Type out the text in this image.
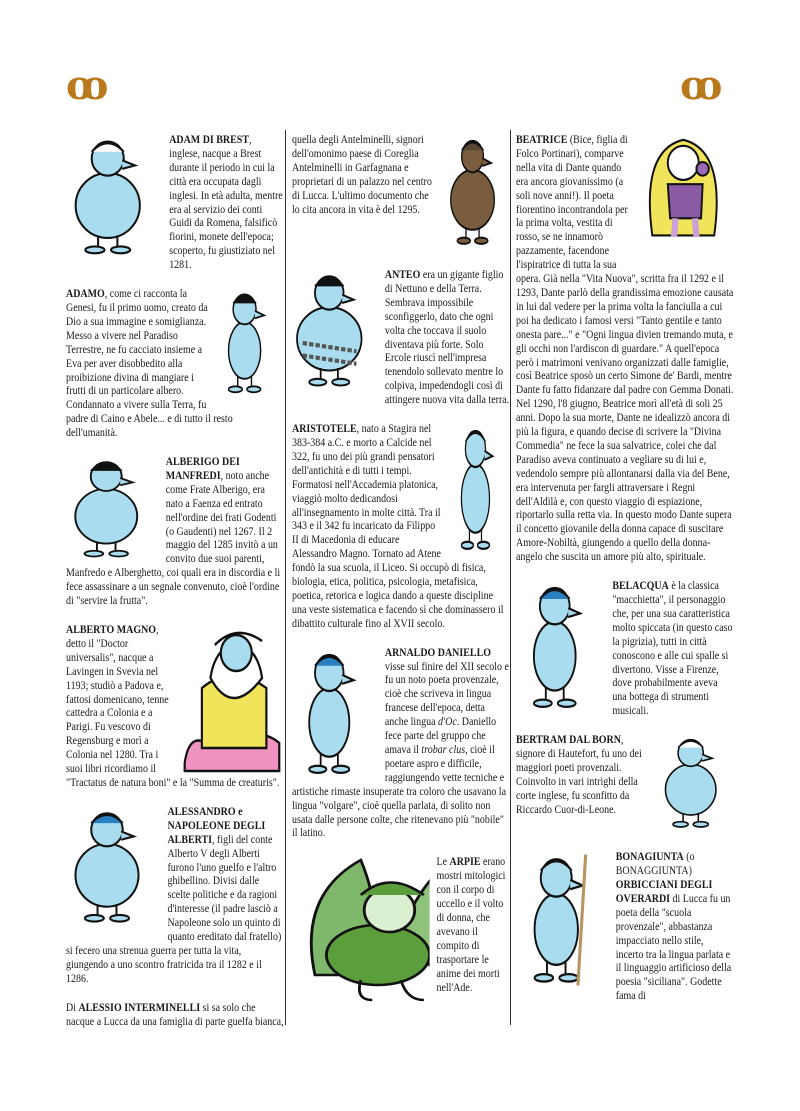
ꝏ	ꝏ
ADAM DI BREST, inglese, nacque a Brest durante il periodo in cui la città era occupata dagli inglesi. In età adulta, mentre era al servizio dei conti Guidi da Romena, falsificò fiorini, monete dell'epoca; scoperto, fu giustiziato nel 1281.
ADAMO, come ci racconta la Genesi, fu il primo uomo, creato da Dio a sua immagine e somiglianza. Messo a vivere nel Paradiso Terrestre, ne fu cacciato insieme a Eva per aver disobbedito alla proibizione divina di mangiare i frutti di un particolare albero. Condannato a vivere sulla Terra, fu padre di Caino e Abele... e di tutto il resto dell'umanità.
ALBERIGO DEI MANFREDI, noto anche come Frate Alberigo, era nato a Faenza ed entrato nell'ordine dei frati Godenti (o Gaudenti) nel 1267. Il 2 maggio del 1285 invitò a un convito due suoi parenti, Manfredo e Alberghetto, coi quali era in discordia e li fece assassinare a un segnale convenuto, cioè l'ordine di "servire la frutta".
ALBERTO MAGNO, detto il "Doctor universalis", nacque a Lavingen in Svevia nel 1193; studiò a Padova e, fattosi domenicano, tenne cattedra a Colonia e a Parigi. Fu vescovo di Regensburg e morì a Colonia nel 1280. Tra i suoi libri ricordiamo il "Tractatus de natura boni" e la "Summa de creaturis".
ALESSANDRO e NAPOLEONE DEGLI ALBERTI, figli del conte Alberto V degli Alberti furono l'uno guelfo e l'altro ghibellino. Divisi dalle scelte politiche e da ragioni d'interesse (il padre lasciò a Napoleone solo un quinto di quanto ereditato dal fratello) si fecero una strenua guerra per tutta la vita, giungendo a uno scontro fratricida tra il 1282 e il 1286.
Di ALESSIO INTERMINELLI si sa solo che nacque a Lucca da una famiglia di parte guelfa bianca,
quella degli Antelminelli, signori dell'omonimo paese di Coreglia Antelminelli in Garfagnana e proprietari di un palazzo nel centro di Lucca. L'ultimo documento che lo cita ancora in vita è del 1295.
ANTEO era un gigante figlio di Nettuno e della Terra. Sembrava impossibile sconfiggerlo, dato che ogni volta che toccava il suolo diventava più forte. Solo Ercole riuscì nell'impresa tenendolo sollevato mentre lo colpiva, impedendogli così di attingere nuova vita dalla terra.
ARISTOTELE, nato a Stagira nel 383-384 a.C. e morto a Calcide nel 322, fu uno dei più grandi pensatori dell'antichità e di tutti i tempi. Formatosi nell'Accademia platonica, viaggiò molto dedicandosi all'insegnamento in molte città. Tra il 343 e il 342 fu incaricato da Filippo II di Macedonia di educare Alessandro Magno. Tornato ad Atene fondò la sua scuola, il Liceo. Si occupò di fisica, biologia, etica, politica, psicologia, metafisica, poetica, retorica e logica dando a queste discipline una veste sistematica e facendo sì che dominassero il dibattito culturale fino al XVII secolo.
ARNALDO DANIELLO visse sul finire del XII secolo e fu un noto poeta provenzale, cioè che scriveva in lingua francese dell'epoca, detta anche lingua d'Oc. Daniello fece parte del gruppo che amava il trobar clus, cioè il poetare aspro e difficile, raggiungendo vette tecniche e artistiche rimaste insuperate tra coloro che usavano la lingua "volgare", cioè quella parlata, di solito non usata dalle persone colte, che ritenevano più "nobile" il latino.
Le ARPIE erano mostri mitologici con il corpo di uccello e il volto di donna, che avevano il compito di trasportare le anime dei morti nell'Ade.
BEATRICE (Bice, figlia di Folco Portinari), comparve nella vita di Dante quando era ancora giovanissimo (a soli nove anni!). Il poeta fiorentino incontrandola per la prima volta, vestita di rosso, se ne innamorò pazzamente, facendone l'ispiratrice di tutta la sua opera. Già nella "Vita Nuova", scritta fra il 1292 e il 1293, Dante parlò della grandissima emozione causata in lui dal vedere per la prima volta la fanciulla a cui poi ha dedicato i famosi versi "Tanto gentile e tanto onesta pare..." e "Ogni lingua divien tremando muta, e gli occhi non l'ardiscon di guardare." A quell'epoca però i matrimoni venivano organizzati dalle famiglie, così Beatrice sposò un certo Simone de' Bardi, mentre Dante fu fatto fidanzare dal padre con Gemma Donati. Nel 1290, l'8 giugno, Beatrice morì all'età di soli 25 anni. Dopo la sua morte, Dante ne idealizzò ancora di più la figura, e quando decise di scrivere la "Divina Commedia" ne fece la sua salvatrice, colei che dal Paradiso aveva continuato a vegliare su di lui e, vedendolo sempre più allontanarsi dalla via del Bene, era intervenuta per fargli attraversare i Regni dell'Aldilà e, con questo viaggio di espiazione, riportarlo sulla retta via. In questo modo Dante supera il concetto giovanile della donna capace di suscitare Amore-Nobiltà, giungendo a quello della donna-angelo che suscita un amore più alto, spirituale.
BELACQUA è la classica "macchietta", il personaggio che, per una sua caratteristica molto spiccata (in questo caso la pigrizia), tutti in città conoscono e alle cui spalle si divertono. Visse a Firenze, dove probabilmente aveva una bottega di strumenti musicali.
BERTRAM DAL BORN, signore di Hautefort, fu uno dei maggiori poeti provenzali. Coinvolto in vari intrighi della corte inglese, fu sconfitto da Riccardo Cuor-di-Leone.
BONAGIUNTA (o BONAGGIUNTA) ORBICCIANI DEGLI OVERARDI di Lucca fu un poeta della "scuola provenzale", abbastanza impacciato nello stile, incerto tra la lingua parlata e il linguaggio artificioso della poesia "siciliana". Godette fama di
